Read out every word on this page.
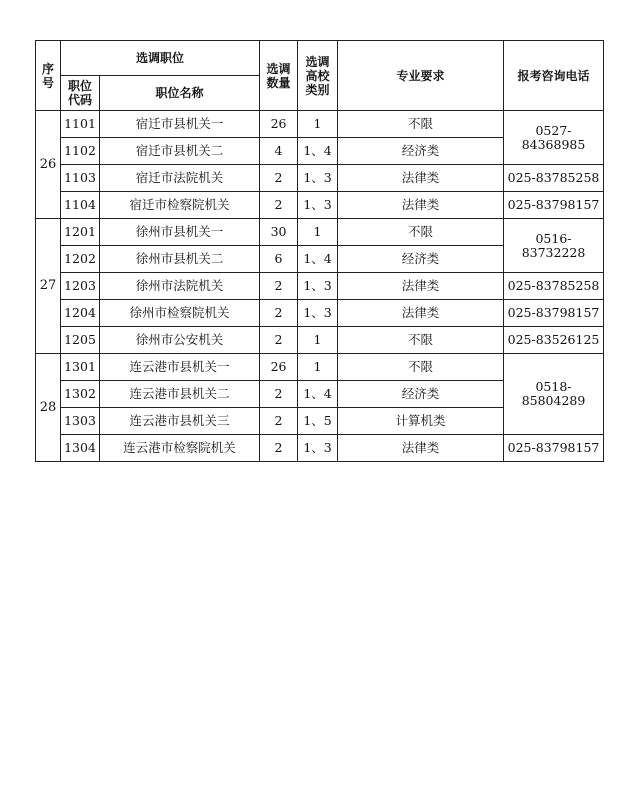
序号	选调职位		选调数量	选调高校类别	专业要求	报考咨询电话
	职位代码	职位名称				
26	1101	宿迁市县机关一	26	1	不限	0527-84368985
	1102	宿迁市县机关二	4	1、4	经济类	
	1103	宿迁市法院机关	2	1、3	法律类	025-83785258
	1104	宿迁市检察院机关	2	1、3	法律类	025-83798157
27	1201	徐州市县机关一	30	1	不限	0516-83732228
	1202	徐州市县机关二	6	1、4	经济类	
	1203	徐州市法院机关	2	1、3	法律类	025-83785258
	1204	徐州市检察院机关	2	1、3	法律类	025-83798157
	1205	徐州市公安机关	2	1	不限	025-83526125
28	1301	连云港市县机关一	26	1	不限	0518-85804289
	1302	连云港市县机关二	2	1、4	经济类	
	1303	连云港市县机关三	2	1、5	计算机类	
	1304	连云港市检察院机关	2	1、3	法律类	025-83798157
